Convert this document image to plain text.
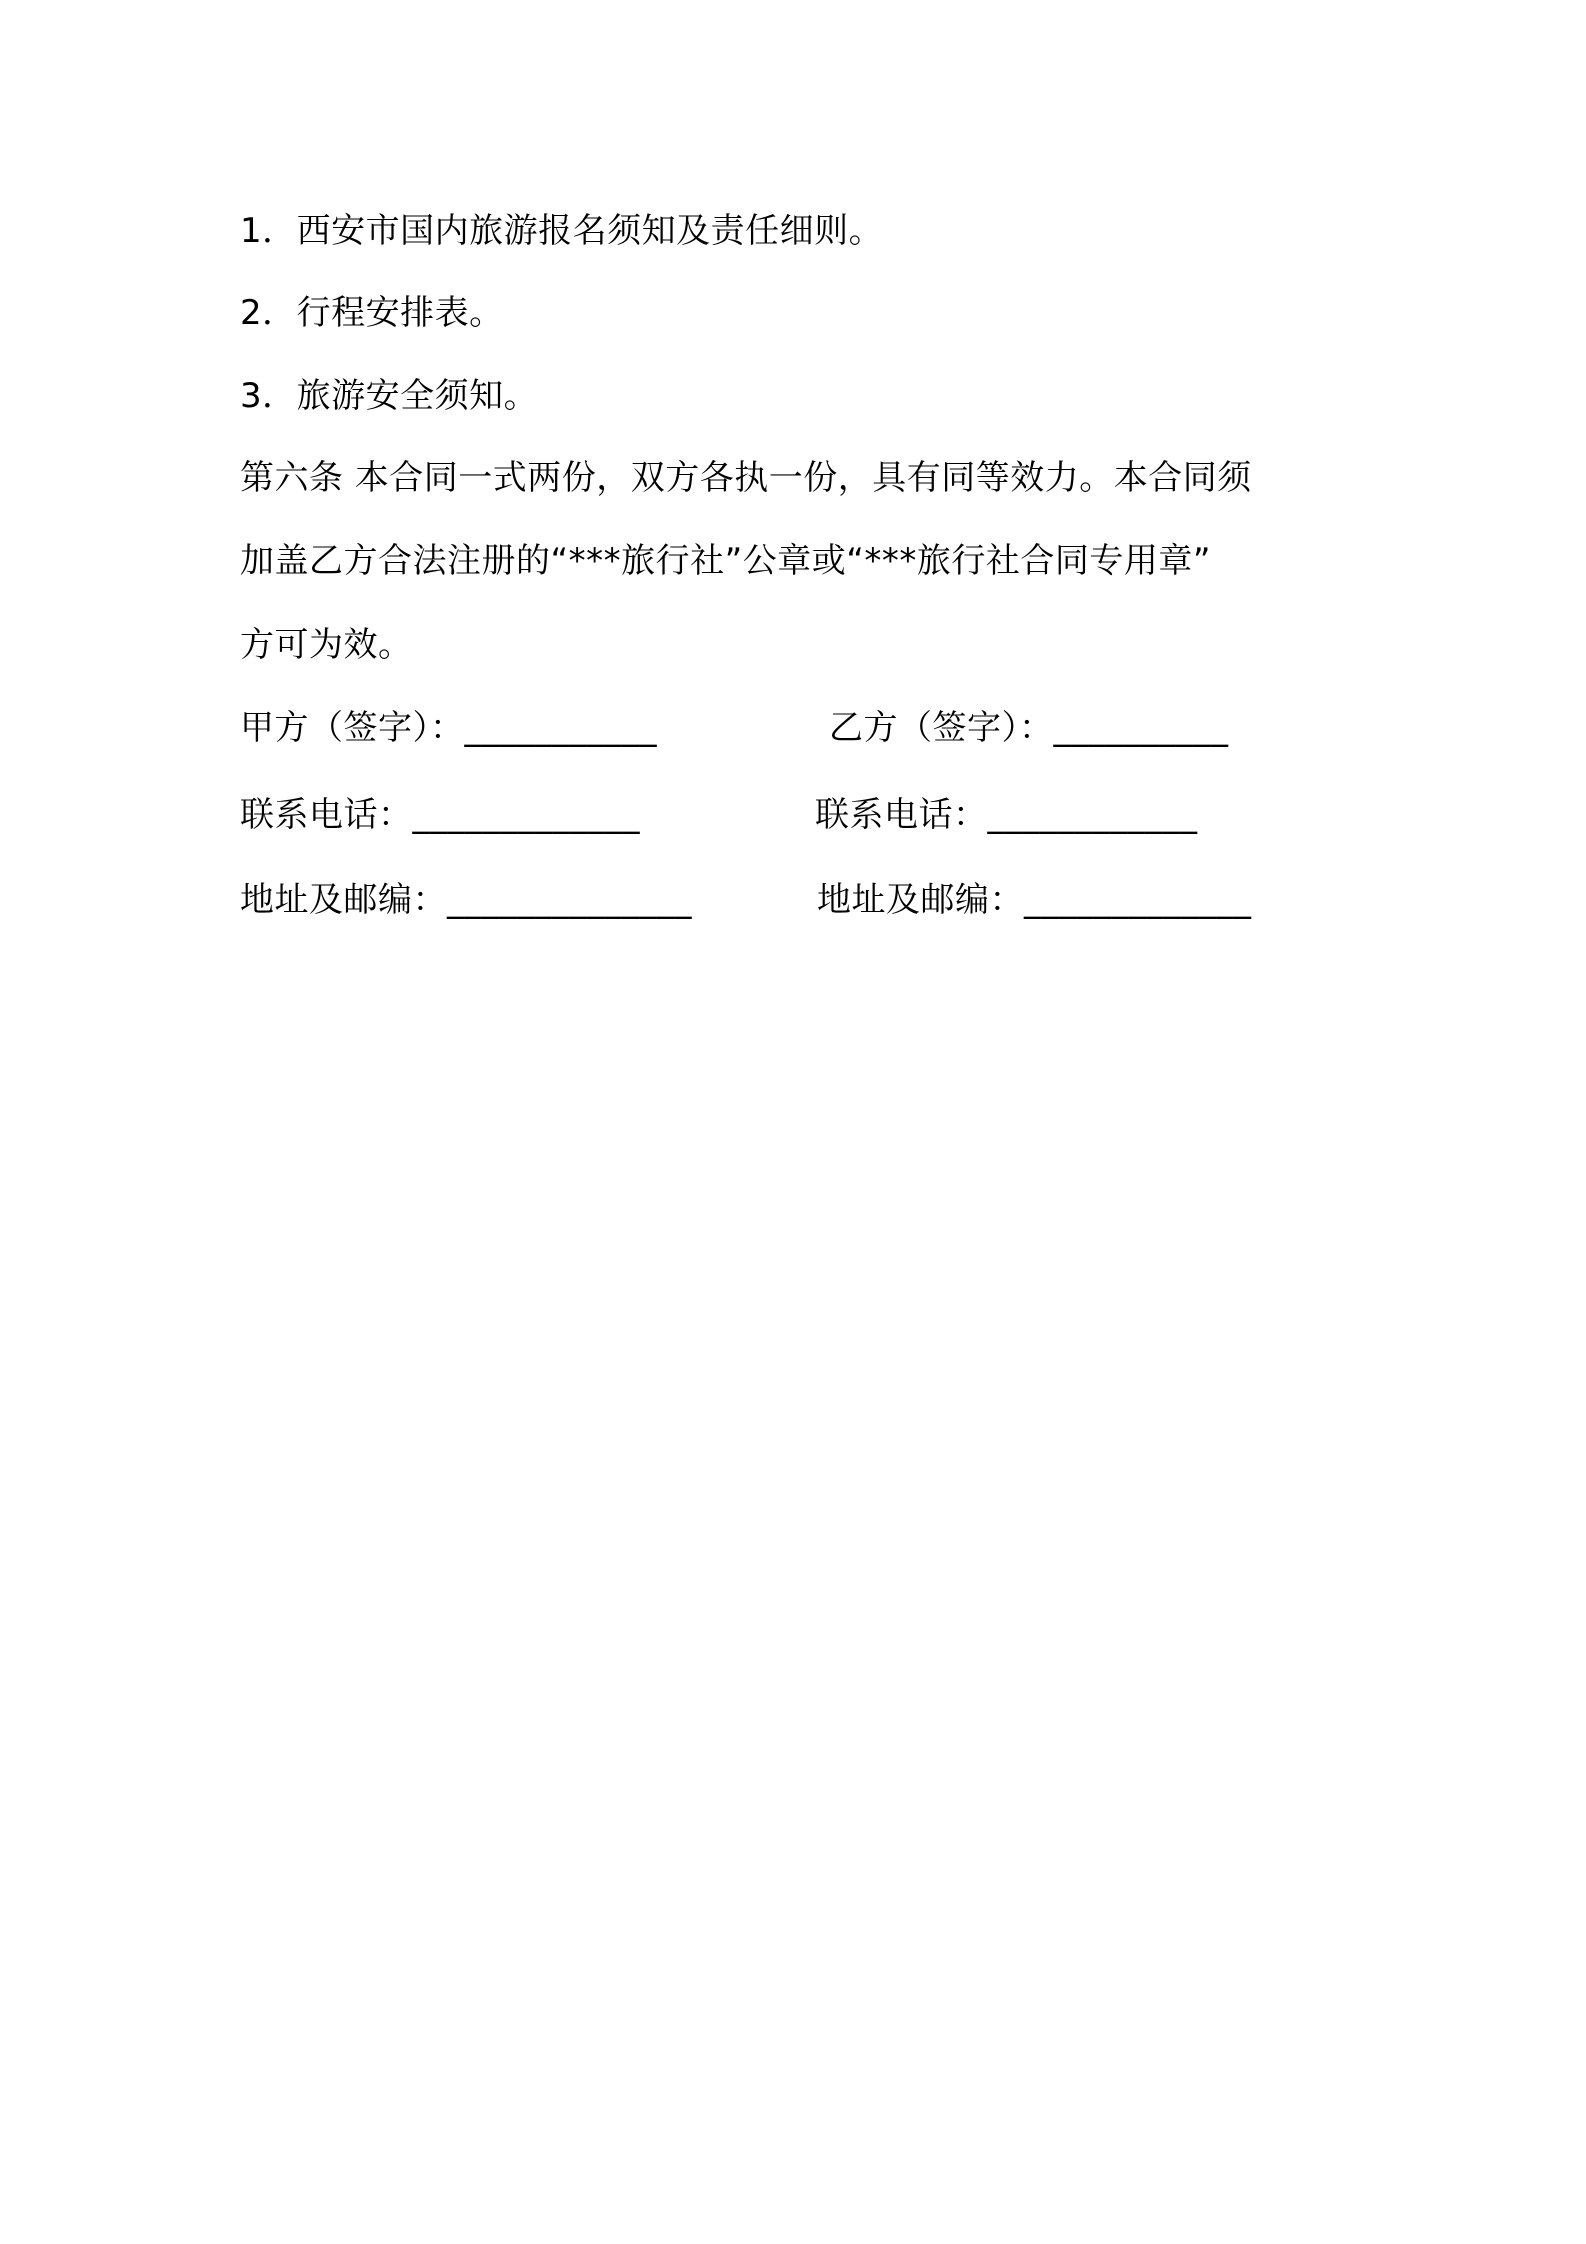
1．西安市国内旅游报名须知及责任细则。
2．行程安排表。
3．旅游安全须知。
第六条 本合同一式两份，双方各执一份，具有同等效力。本合同须
加盖乙方合法注册的“***旅行社”公章或“***旅行社合同专用章”
方可为效。
甲方（签字）：___________	乙方（签字）：__________
联系电话：_____________	联系电话：____________
地址及邮编：______________	地址及邮编：_____________
